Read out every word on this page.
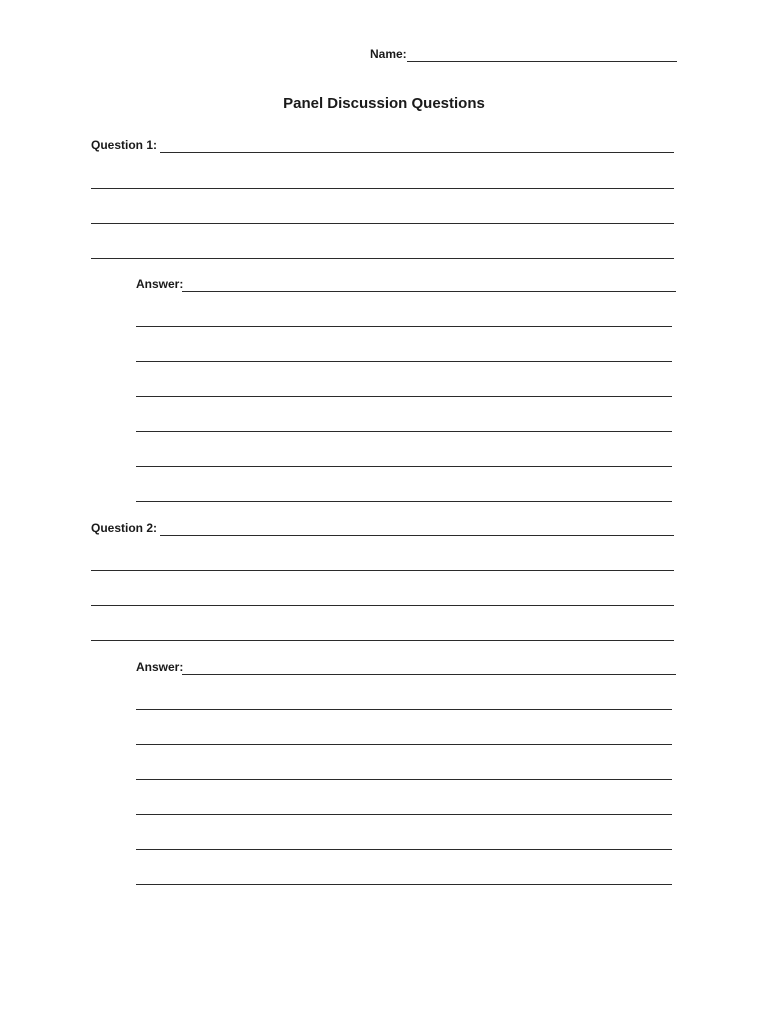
Name:
Panel Discussion Questions
Question 1:
Answer:
Question 2:
Answer:
